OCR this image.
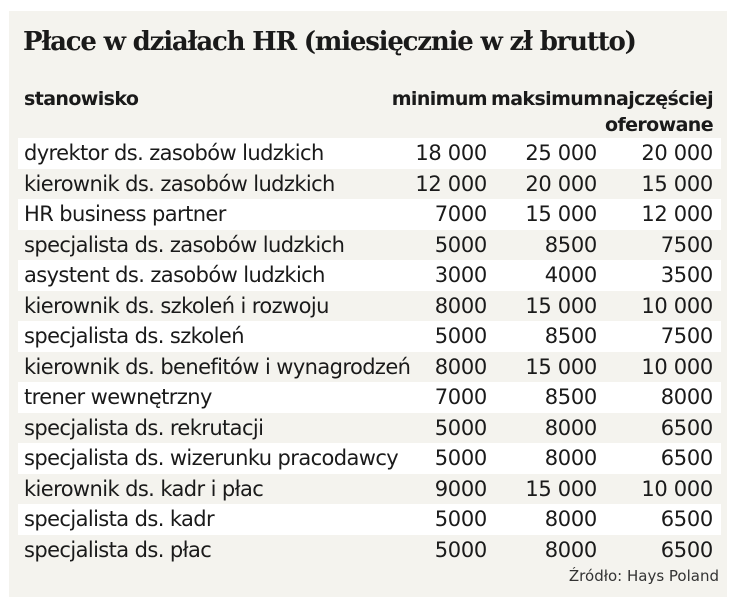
Płace w działach HR (miesięcznie w zł brutto)
stanowisko	minimum	maksimum	najczęściej
oferowane
dyrektor ds. zasobów ludzkich	18 000	25 000	20 000
kierownik ds. zasobów ludzkich	12 000	20 000	15 000
HR business partner	7000	15 000	12 000
specjalista ds. zasobów ludzkich	5000	8500	7500
asystent ds. zasobów ludzkich	3000	4000	3500
kierownik ds. szkoleń i rozwoju	8000	15 000	10 000
specjalista ds. szkoleń	5000	8500	7500
kierownik ds. benefitów i wynagrodzeń	8000	15 000	10 000
trener wewnętrzny	7000	8500	8000
specjalista ds. rekrutacji	5000	8000	6500
specjalista ds. wizerunku pracodawcy	5000	8000	6500
kierownik ds. kadr i płac	9000	15 000	10 000
specjalista ds. kadr	5000	8000	6500
specjalista ds. płac	5000	8000	6500
Źródło: Hays Poland
